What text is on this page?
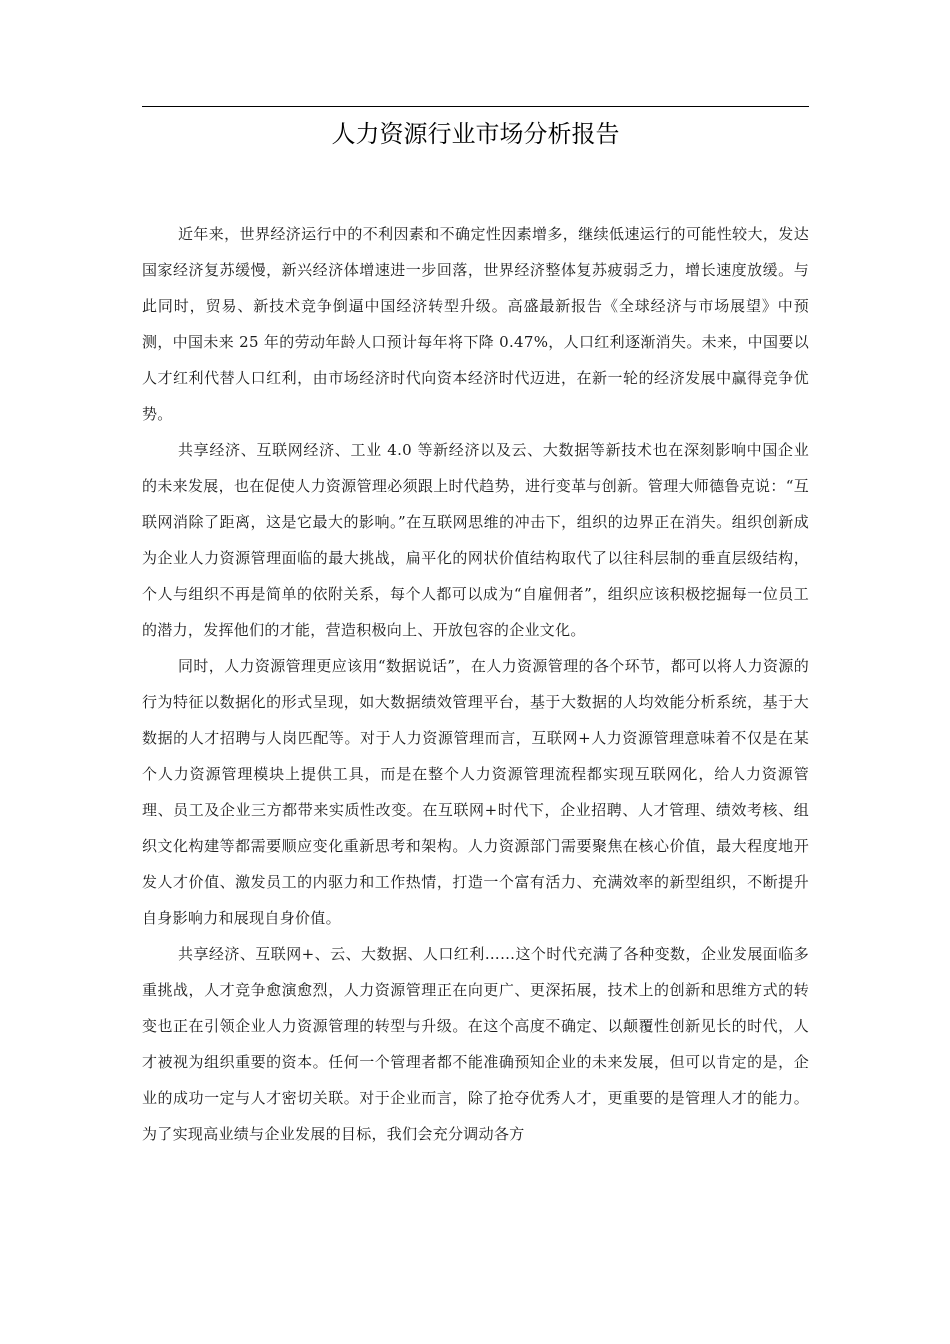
人力资源行业市场分析报告

近年来，世界经济运行中的不利因素和不确定性因素增多，继续低速运行的可能性较大，发达国家经济复苏缓慢，新兴经济体增速进一步回落，世界经济整体复苏疲弱乏力，增长速度放缓。与此同时，贸易、新技术竞争倒逼中国经济转型升级。高盛最新报告《全球经济与市场展望》中预测，中国未来 25 年的劳动年龄人口预计每年将下降 0.47%，人口红利逐渐消失。未来，中国要以人才红利代替人口红利，由市场经济时代向资本经济时代迈进，在新一轮的经济发展中赢得竞争优势。

共享经济、互联网经济、工业 4.0 等新经济以及云、大数据等新技术也在深刻影响中国企业的未来发展，也在促使人力资源管理必须跟上时代趋势，进行变革与创新。管理大师德鲁克说：“互联网消除了距离，这是它最大的影响。”在互联网思维的冲击下，组织的边界正在消失。组织创新成为企业人力资源管理面临的最大挑战，扁平化的网状价值结构取代了以往科层制的垂直层级结构，个人与组织不再是简单的依附关系，每个人都可以成为“自雇佣者”，组织应该积极挖掘每一位员工的潜力，发挥他们的才能，营造积极向上、开放包容的企业文化。

同时，人力资源管理更应该用“数据说话”，在人力资源管理的各个环节，都可以将人力资源的行为特征以数据化的形式呈现，如大数据绩效管理平台，基于大数据的人均效能分析系统，基于大数据的人才招聘与人岗匹配等。对于人力资源管理而言，互联网+人力资源管理意味着不仅是在某个人力资源管理模块上提供工具，而是在整个人力资源管理流程都实现互联网化，给人力资源管理、员工及企业三方都带来实质性改变。在互联网+时代下，企业招聘、人才管理、绩效考核、组织文化构建等都需要顺应变化重新思考和架构。人力资源部门需要聚焦在核心价值，最大程度地开发人才价值、激发员工的内驱力和工作热情，打造一个富有活力、充满效率的新型组织，不断提升自身影响力和展现自身价值。

共享经济、互联网+、云、大数据、人口红利……这个时代充满了各种变数，企业发展面临多重挑战，人才竞争愈演愈烈，人力资源管理正在向更广、更深拓展，技术上的创新和思维方式的转变也正在引领企业人力资源管理的转型与升级。在这个高度不确定、以颠覆性创新见长的时代，人才被视为组织重要的资本。任何一个管理者都不能准确预知企业的未来发展，但可以肯定的是，企业的成功一定与人才密切关联。对于企业而言，除了抢夺优秀人才，更重要的是管理人才的能力。为了实现高业绩与企业发展的目标，我们会充分调动各方
